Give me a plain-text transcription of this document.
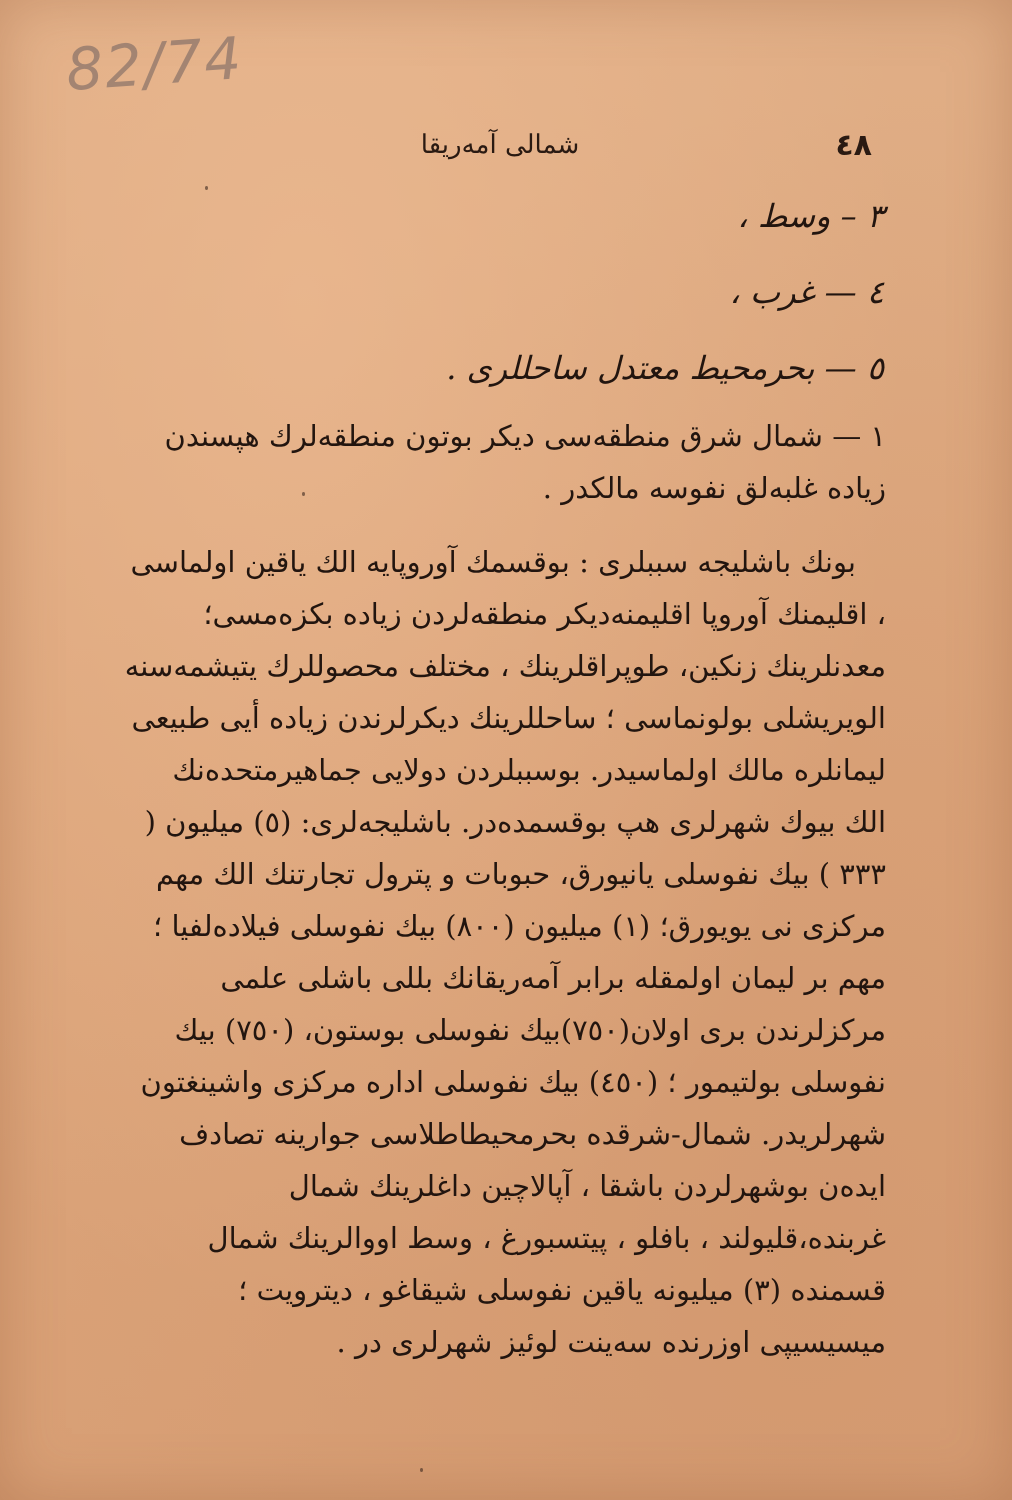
82/74
شمالى آمەريقا	٤٨
٣ – وسط ،
٤ — غرب ،
٥ — بحرمحيط معتدل ساحللرى .

١ — شمال شرق منطقەسى ديكر بوتون منطقەلرك هپسندن زيادە غلبەلق نفوسە مالكدر .

بونك باشليجە سببلرى : بوقسمك آوروپايە الك ياقين اولماسى ، اقليمنك آوروپا اقليمنەديكر منطقەلردن زيادە بكزەمسى؛ معدنلرينك زنكين، طوپراقلرينك ، مختلف محصوللرك يتيشمەسنە الويريشلى بولونماسى ؛ ساحللرينك ديكرلرندن زيادە أيى طبيعى ليمانلرە مالك اولماسيدر. بوسببلردن دولايى جماهيرمتحدەنك الك بيوك شهرلرى هپ بوقسمدەدر. باشليجەلرى: (٥) ميليون ( ٣٣٣ ) بيك نفوسلى يانيورق، حبوبات و پترول تجارتنك الك مهم مركزى نى يويورق؛ (١) ميليون (٨٠٠) بيك نفوسلى فيلادەلفيا ؛ مهم بر ليمان اولمقلە برابر آمەريقانك بللى باشلى علمى مركزلرندن برى اولان(٧٥٠)بيك نفوسلى بوستون، (٧٥٠) بيك نفوسلى بولتيمور ؛ (٤٥٠) بيك نفوسلى ادارە مركزى واشينغتون شهرلريدر. شمال-شرقدە بحرمحيطاطلاسى جوارينە تصادف ايدەن بوشهرلردن باشقا ، آپالاچين داغلرينك شمال غربندە،قليولند ، بافلو ، پيتسبورغ ، وسط اووالرينك شمال قسمندە (٣) ميليونە ياقين نفوسلى شيقاغو ، ديترويت ؛ ميسيسيپى اوزرندە سەينت لوئيز شهرلرى در .
